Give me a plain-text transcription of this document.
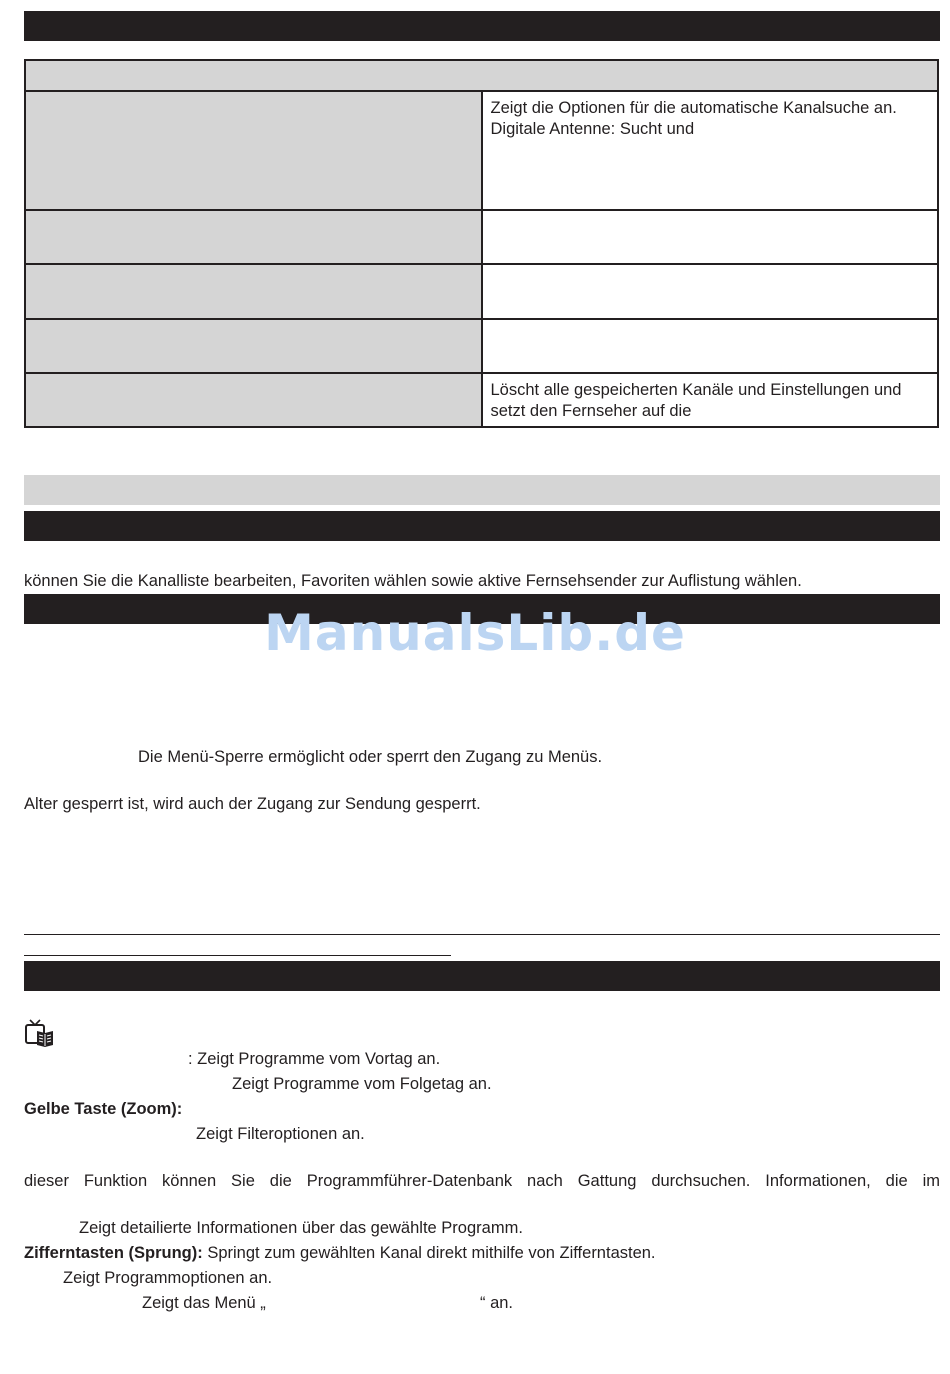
	Zeigt die Optionen für die automatische Kanalsuche an. Digitale Antenne: Sucht und

	Löscht alle gespeicherten Kanäle und Einstellungen und setzt den Fernseher auf die
können Sie die Kanalliste bearbeiten, Favoriten wählen sowie aktive Fernsehsender zur Auflistung wählen.
ManualsLib.de
Die Menü-Sperre ermöglicht oder sperrt den Zugang zu Menüs.
Alter gesperrt ist, wird auch der Zugang zur Sendung gesperrt.
: Zeigt Programme vom Vortag an.
Zeigt Programme vom Folgetag an.
Gelbe Taste (Zoom):
Zeigt Filteroptionen an.
dieser Funktion können Sie die Programmführer-Datenbank nach Gattung durchsuchen. Informationen, die im
Zeigt detailierte Informationen über das gewählte Programm.
Zifferntasten (Sprung): Springt zum gewählten Kanal direkt mithilfe von Zifferntasten.
Zeigt Programmoptionen an.
Zeigt das Menü „	“ an.
